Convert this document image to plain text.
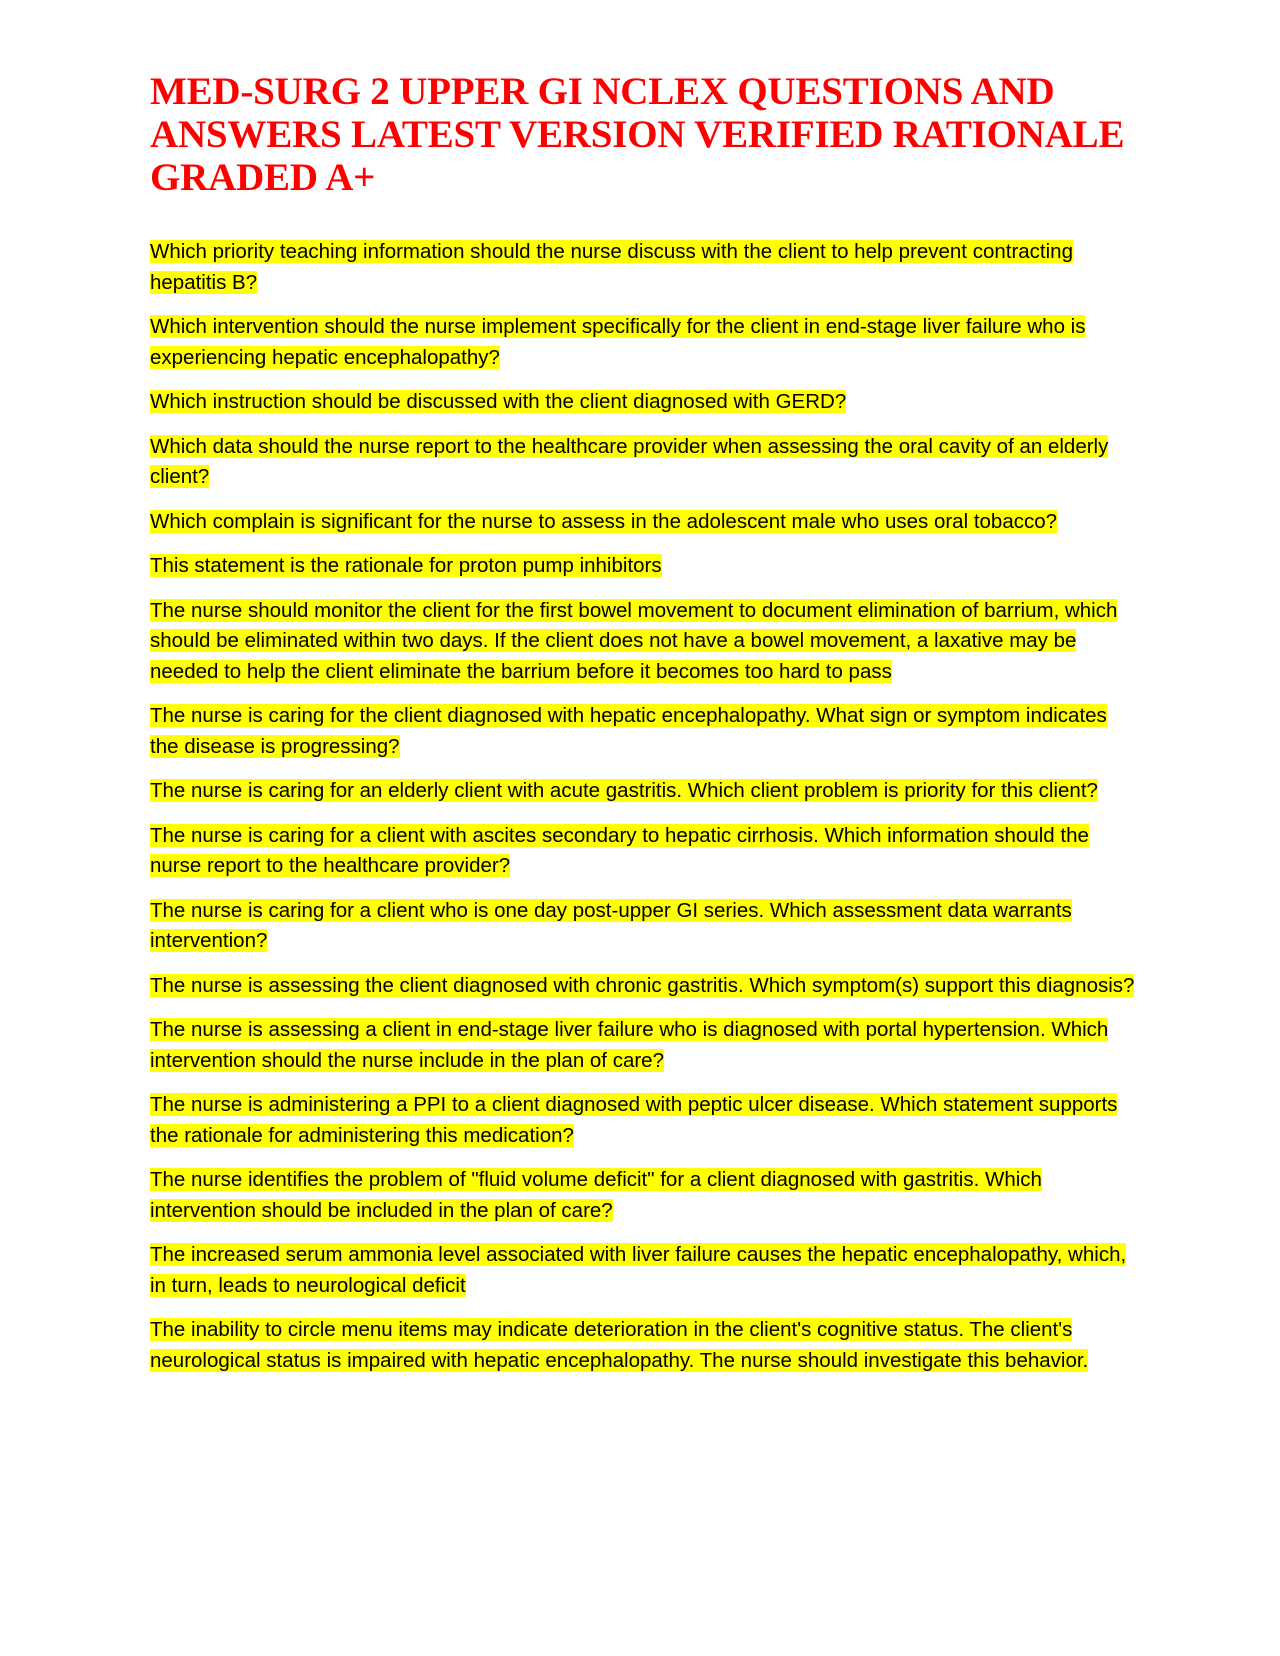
MED-SURG 2 UPPER GI NCLEX QUESTIONS AND ANSWERS LATEST VERSION VERIFIED RATIONALE GRADED A+
Which priority teaching information should the nurse discuss with the client to help prevent contracting hepatitis B?
Which intervention should the nurse implement specifically for the client in end-stage liver failure who is experiencing hepatic encephalopathy?
Which instruction should be discussed with the client diagnosed with GERD?
Which data should the nurse report to the healthcare provider when assessing the oral cavity of an elderly client?
Which complain is significant for the nurse to assess in the adolescent male who uses oral tobacco?
This statement is the rationale for proton pump inhibitors
The nurse should monitor the client for the first bowel movement to document elimination of barrium, which should be eliminated within two days. If the client does not have a bowel movement, a laxative may be needed to help the client eliminate the barrium before it becomes too hard to pass
The nurse is caring for the client diagnosed with hepatic encephalopathy. What sign or symptom indicates the disease is progressing?
The nurse is caring for an elderly client with acute gastritis. Which client problem is priority for this client?
The nurse is caring for a client with ascites secondary to hepatic cirrhosis. Which information should the nurse report to the healthcare provider?
The nurse is caring for a client who is one day post-upper GI series. Which assessment data warrants intervention?
The nurse is assessing the client diagnosed with chronic gastritis. Which symptom(s) support this diagnosis?
The nurse is assessing a client in end-stage liver failure who is diagnosed with portal hypertension. Which intervention should the nurse include in the plan of care?
The nurse is administering a PPI to a client diagnosed with peptic ulcer disease. Which statement supports the rationale for administering this medication?
The nurse identifies the problem of "fluid volume deficit" for a client diagnosed with gastritis. Which intervention should be included in the plan of care?
The increased serum ammonia level associated with liver failure causes the hepatic encephalopathy, which, in turn, leads to neurological deficit
The inability to circle menu items may indicate deterioration in the client's cognitive status. The client's neurological status is impaired with hepatic encephalopathy. The nurse should investigate this behavior.
